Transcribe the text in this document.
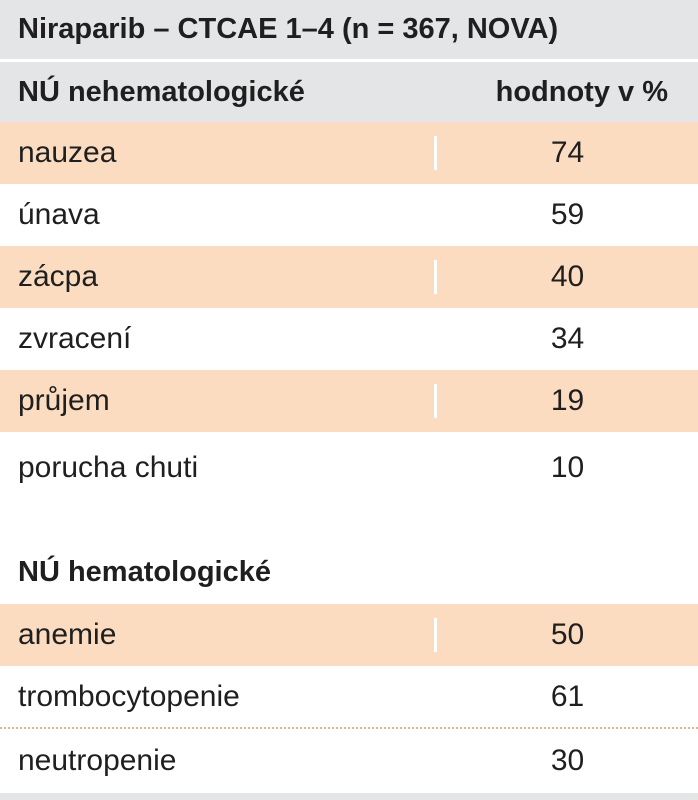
Niraparib – CTCAE 1–4 (n = 367, NOVA)
NÚ nehematologické	hodnoty v %
nauzea	74
únava	59
zácpa	40
zvracení	34
průjem	19
porucha chuti	10
NÚ hematologické
anemie	50
trombocytopenie	61
neutropenie	30
